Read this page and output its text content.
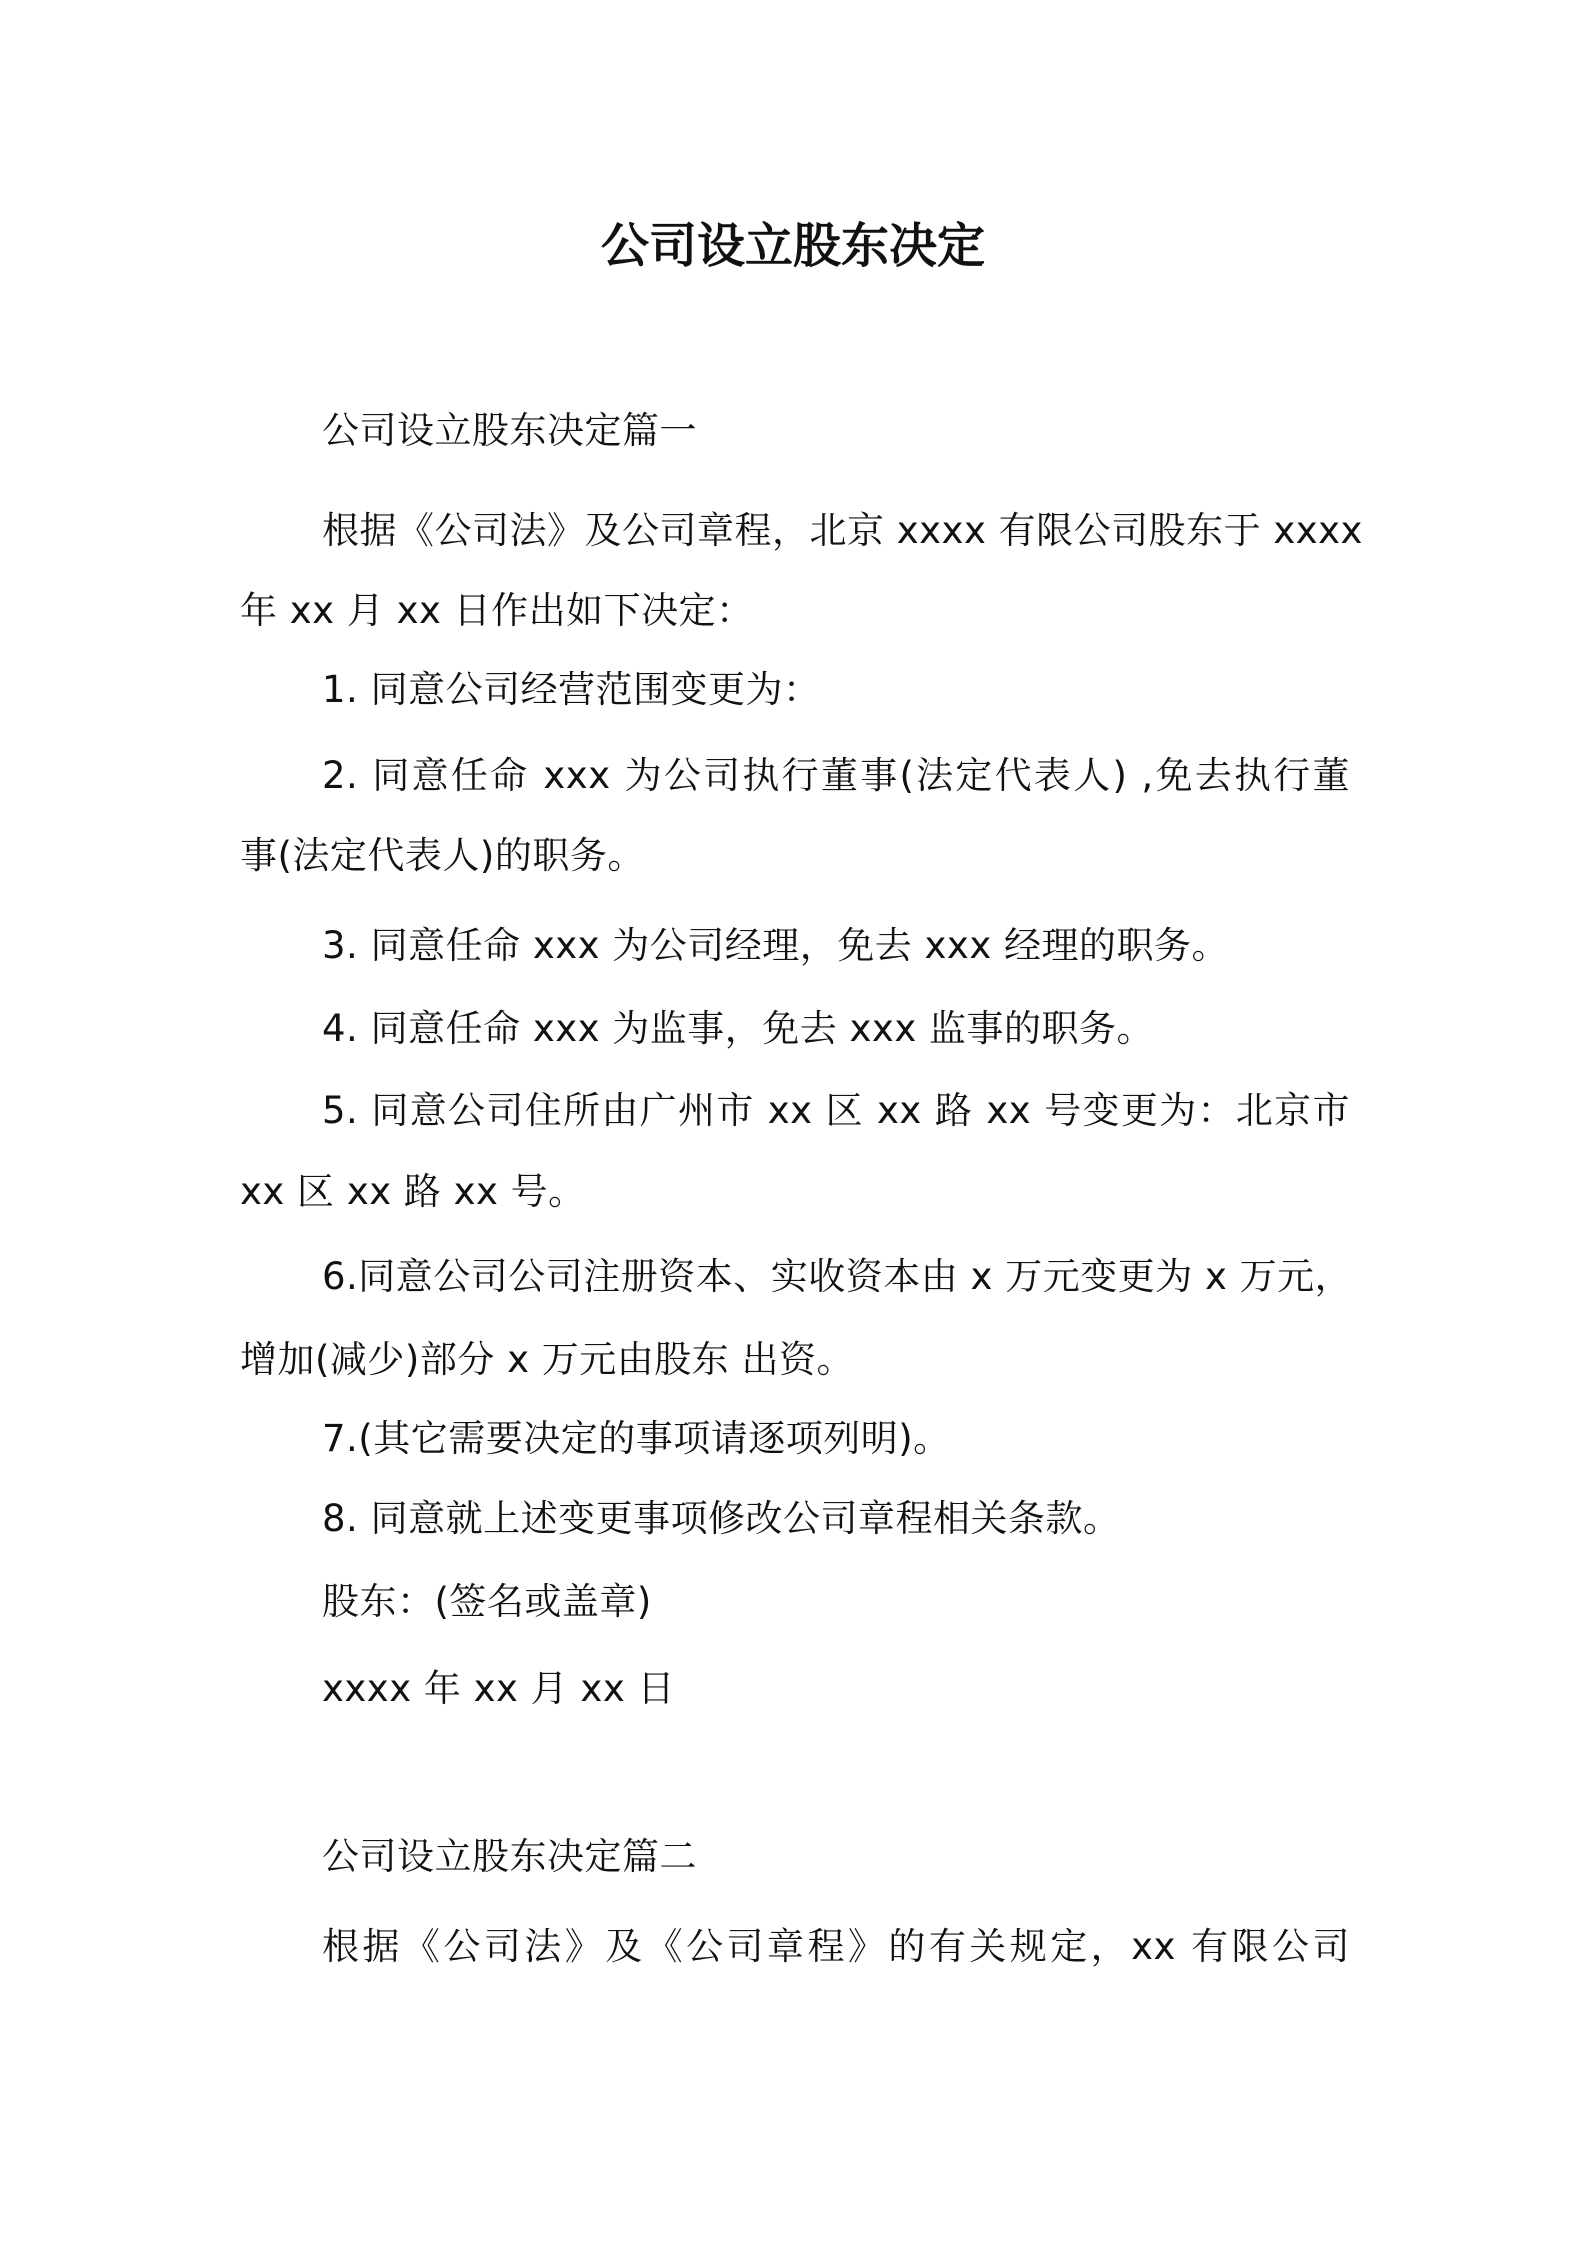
公司设立股东决定
公司设立股东决定篇一
根据《公司法》及公司章程，北京 xxxx 有限公司股东于 xxxx
年 xx 月 xx 日作出如下决定：
1. 同意公司经营范围变更为：
2. 同意任命 xxx 为公司执行董事(法定代表人) ,免去执行董
事(法定代表人)的职务。
3. 同意任命 xxx 为公司经理，免去 xxx 经理的职务。
4. 同意任命 xxx 为监事，免去 xxx 监事的职务。
5. 同意公司住所由广州市 xx 区 xx 路 xx 号变更为：北京市
xx 区 xx 路 xx 号。
6.同意公司公司注册资本、实收资本由 x 万元变更为 x 万元，
增加(减少)部分 x 万元由股东 出资。
7.(其它需要决定的事项请逐项列明)。
8. 同意就上述变更事项修改公司章程相关条款。
股东：(签名或盖章)
xxxx 年 xx 月 xx 日
公司设立股东决定篇二
根据《公司法》及《公司章程》的有关规定，xx 有限公司
